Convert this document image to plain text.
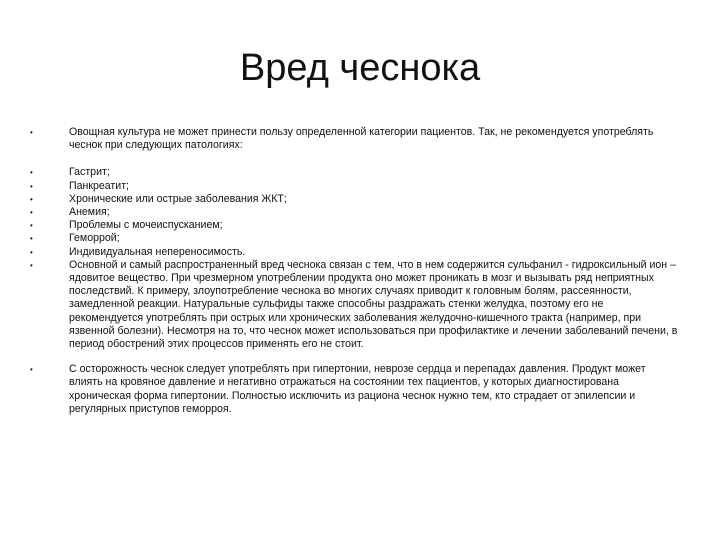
Вред чеснока
•	Овощная культура не может принести пользу определенной категории пациентов. Так, не рекомендуется употреблять чеснок при следующих патологиях:
•	Гастрит;
•	Панкреатит;
•	Хронические или острые заболевания ЖКТ;
•	Анемия;
•	Проблемы с мочеиспусканием;
•	Геморрой;
•	Индивидуальная непереносимость.
•	Основной и самый распространенный вред чеснока связан с тем, что в нем содержится сульфанил - гидроксильный ион – ядовитое вещество. При чрезмерном употреблении продукта оно может проникать в мозг и вызывать ряд неприятных последствий. К примеру, злоупотребление чеснока во многих случаях приводит к головным болям, рассеянности, замедленной реакции. Натуральные сульфиды также способны раздражать стенки желудка, поэтому его не рекомендуется употреблять при острых или хронических заболевания желудочно-кишечного тракта (например, при язвенной болезни). Несмотря на то, что чеснок может использоваться при профилактике и лечении заболеваний печени, в период обострений этих процессов применять его не стоит.
•	С осторожность чеснок следует употреблять при гипертонии, неврозе сердца и перепадах давления. Продукт может влиять на кровяное давление и негативно отражаться на состоянии тех пациентов, у которых диагностирована хроническая форма гипертонии. Полностью исключить из рациона чеснок нужно тем, кто страдает от эпилепсии и регулярных приступов геморроя.
